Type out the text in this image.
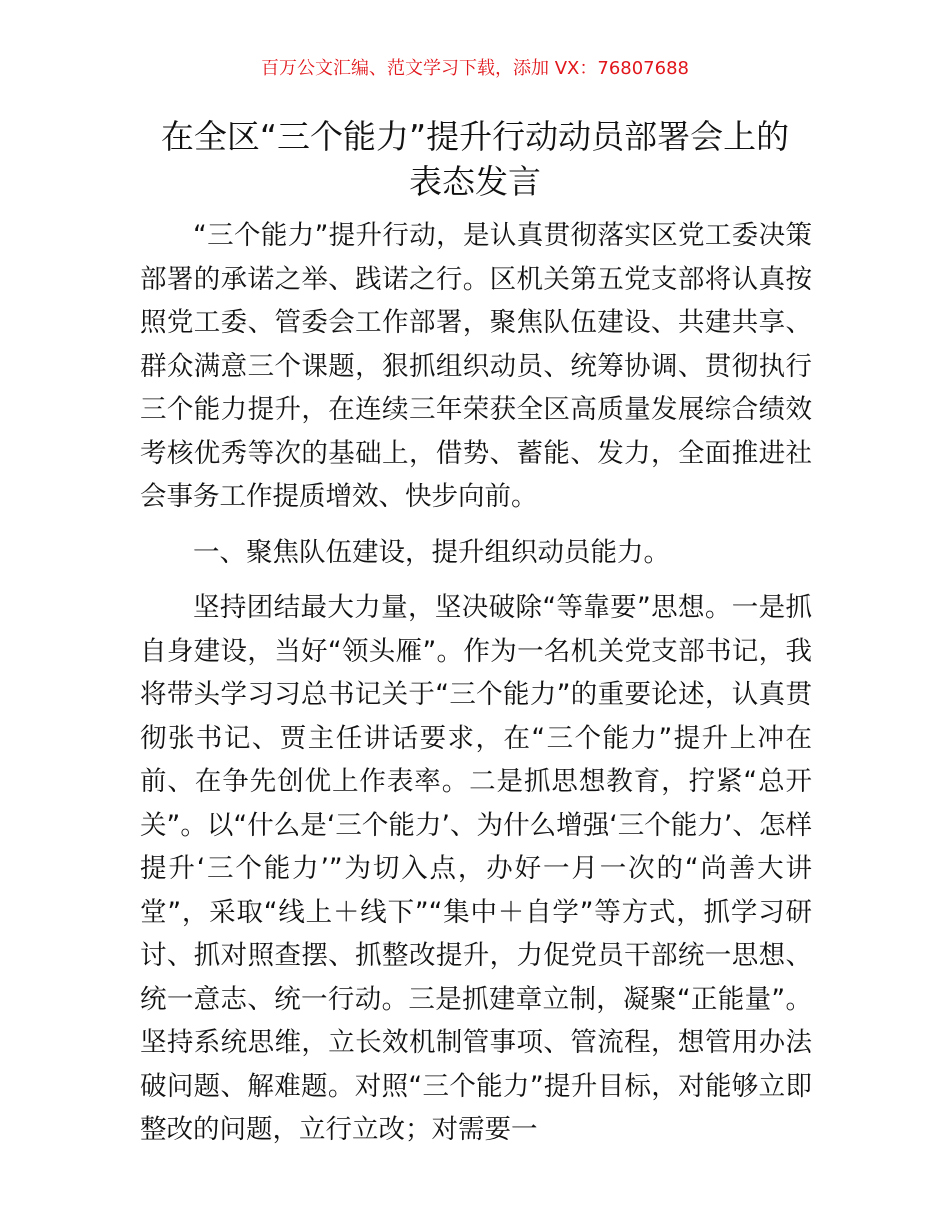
百万公文汇编、范文学习下载，添加 VX：76807688
在全区“三个能力”提升行动动员部署会上的
表态发言

“三个能力”提升行动，是认真贯彻落实区党工委决策部署的承诺之举、践诺之行。区机关第五党支部将认真按照党工委、管委会工作部署，聚焦队伍建设、共建共享、群众满意三个课题，狠抓组织动员、统筹协调、贯彻执行三个能力提升，在连续三年荣获全区高质量发展综合绩效考核优秀等次的基础上，借势、蓄能、发力，全面推进社会事务工作提质增效、快步向前。

一、聚焦队伍建设，提升组织动员能力。

坚持团结最大力量，坚决破除“等靠要”思想。一是抓自身建设，当好“领头雁”。作为一名机关党支部书记，我将带头学习习总书记关于“三个能力”的重要论述，认真贯彻张书记、贾主任讲话要求，在“三个能力”提升上冲在前、在争先创优上作表率。二是抓思想教育，拧紧“总开关”。以“什么是‘三个能力’、为什么增强‘三个能力’、怎样提升‘三个能力’”为切入点，办好一月一次的“尚善大讲堂”，采取“线上＋线下”“集中＋自学”等方式，抓学习研讨、抓对照查摆、抓整改提升，力促党员干部统一思想、统一意志、统一行动。三是抓建章立制，凝聚“正能量”。坚持系统思维，立长效机制管事项、管流程，想管用办法破问题、解难题。对照“三个能力”提升目标，对能够立即整改的问题，立行立改；对需要一
